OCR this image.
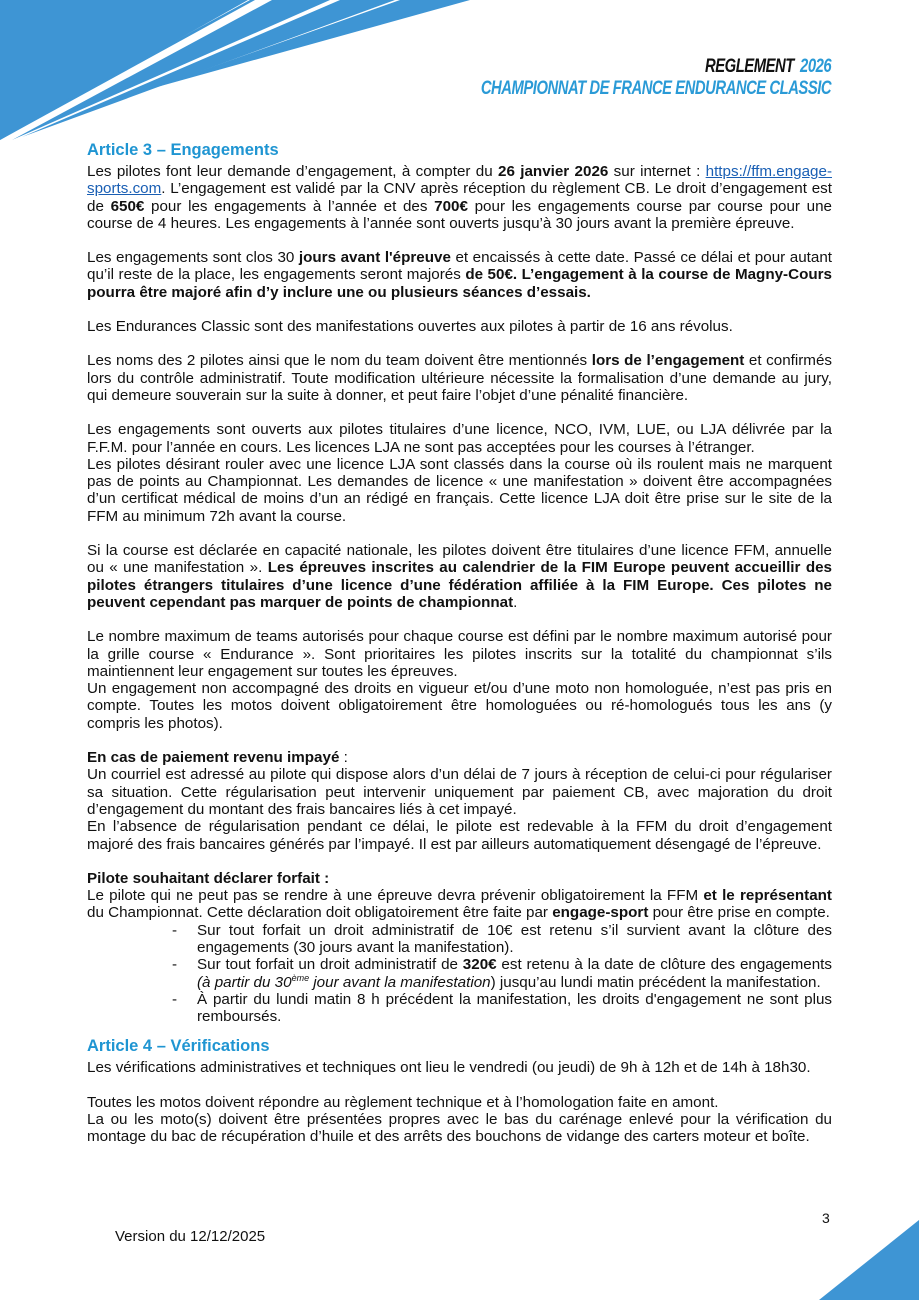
REGLEMENT 2026
CHAMPIONNAT DE FRANCE ENDURANCE CLASSIC
Article 3 – Engagements

Les pilotes font leur demande d’engagement, à compter du 26 janvier 2026 sur internet : https://ffm.engage-sports.com. L’engagement est validé par la CNV après réception du règlement CB. Le droit d’engagement est de 650€ pour les engagements à l’année et des 700€ pour les engagements course par course pour une course de 4 heures. Les engagements à l’année sont ouverts jusqu’à 30 jours avant la première épreuve.

Les engagements sont clos 30 jours avant l'épreuve et encaissés à cette date. Passé ce délai et pour autant qu’il reste de la place, les engagements seront majorés de 50€. L’engagement à la course de Magny-Cours pourra être majoré afin d’y inclure une ou plusieurs séances d’essais.

Les Endurances Classic sont des manifestations ouvertes aux pilotes à partir de 16 ans révolus.

Les noms des 2 pilotes ainsi que le nom du team doivent être mentionnés lors de l’engagement et confirmés lors du contrôle administratif. Toute modification ultérieure nécessite la formalisation d’une demande au jury, qui demeure souverain sur la suite à donner, et peut faire l’objet d’une pénalité financière.

Les engagements sont ouverts aux pilotes titulaires d’une licence, NCO, IVM, LUE, ou LJA délivrée par la F.F.M. pour l’année en cours. Les licences LJA ne sont pas acceptées pour les courses à l’étranger.

Les pilotes désirant rouler avec une licence LJA sont classés dans la course où ils roulent mais ne marquent pas de points au Championnat. Les demandes de licence « une manifestation » doivent être accompagnées d’un certificat médical de moins d’un an rédigé en français. Cette licence LJA doit être prise sur le site de la FFM au minimum 72h avant la course.

Si la course est déclarée en capacité nationale, les pilotes doivent être titulaires d’une licence FFM, annuelle ou « une manifestation ». Les épreuves inscrites au calendrier de la FIM Europe peuvent accueillir des pilotes étrangers titulaires d’une licence d’une fédération affiliée à la FIM Europe. Ces pilotes ne peuvent cependant pas marquer de points de championnat.

Le nombre maximum de teams autorisés pour chaque course est défini par le nombre maximum autorisé pour la grille course « Endurance ». Sont prioritaires les pilotes inscrits sur la totalité du championnat s’ils maintiennent leur engagement sur toutes les épreuves.

Un engagement non accompagné des droits en vigueur et/ou d’une moto non homologuée, n’est pas pris en compte. Toutes les motos doivent obligatoirement être homologuées ou ré-homologués tous les ans (y compris les photos).

En cas de paiement revenu impayé :

Un courriel est adressé au pilote qui dispose alors d’un délai de 7 jours à réception de celui-ci pour régulariser sa situation. Cette régularisation peut intervenir uniquement par paiement CB, avec majoration du droit d’engagement du montant des frais bancaires liés à cet impayé.

En l’absence de régularisation pendant ce délai, le pilote est redevable à la FFM du droit d’engagement majoré des frais bancaires générés par l’impayé. Il est par ailleurs automatiquement désengagé de l’épreuve.

Pilote souhaitant déclarer forfait :

Le pilote qui ne peut pas se rendre à une épreuve devra prévenir obligatoirement la FFM et le représentant du Championnat. Cette déclaration doit obligatoirement être faite par engage-sport pour être prise en compte.

- Sur tout forfait un droit administratif de 10€ est retenu s’il survient avant la clôture des engagements (30 jours avant la manifestation).
- Sur tout forfait un droit administratif de 320€ est retenu à la date de clôture des engagements (à partir du 30ème jour avant la manifestation) jusqu’au lundi matin précédent la manifestation.
- À partir du lundi matin 8 h précédent la manifestation, les droits d'engagement ne sont plus remboursés.
Article 4 – Vérifications

Les vérifications administratives et techniques ont lieu le vendredi (ou jeudi) de 9h à 12h et de 14h à 18h30.

Toutes les motos doivent répondre au règlement technique et à l’homologation faite en amont.

La ou les moto(s) doivent être présentées propres avec le bas du carénage enlevé pour la vérification du montage du bac de récupération d’huile et des arrêts des bouchons de vidange des carters moteur et boîte.

3
Version du 12/12/2025
